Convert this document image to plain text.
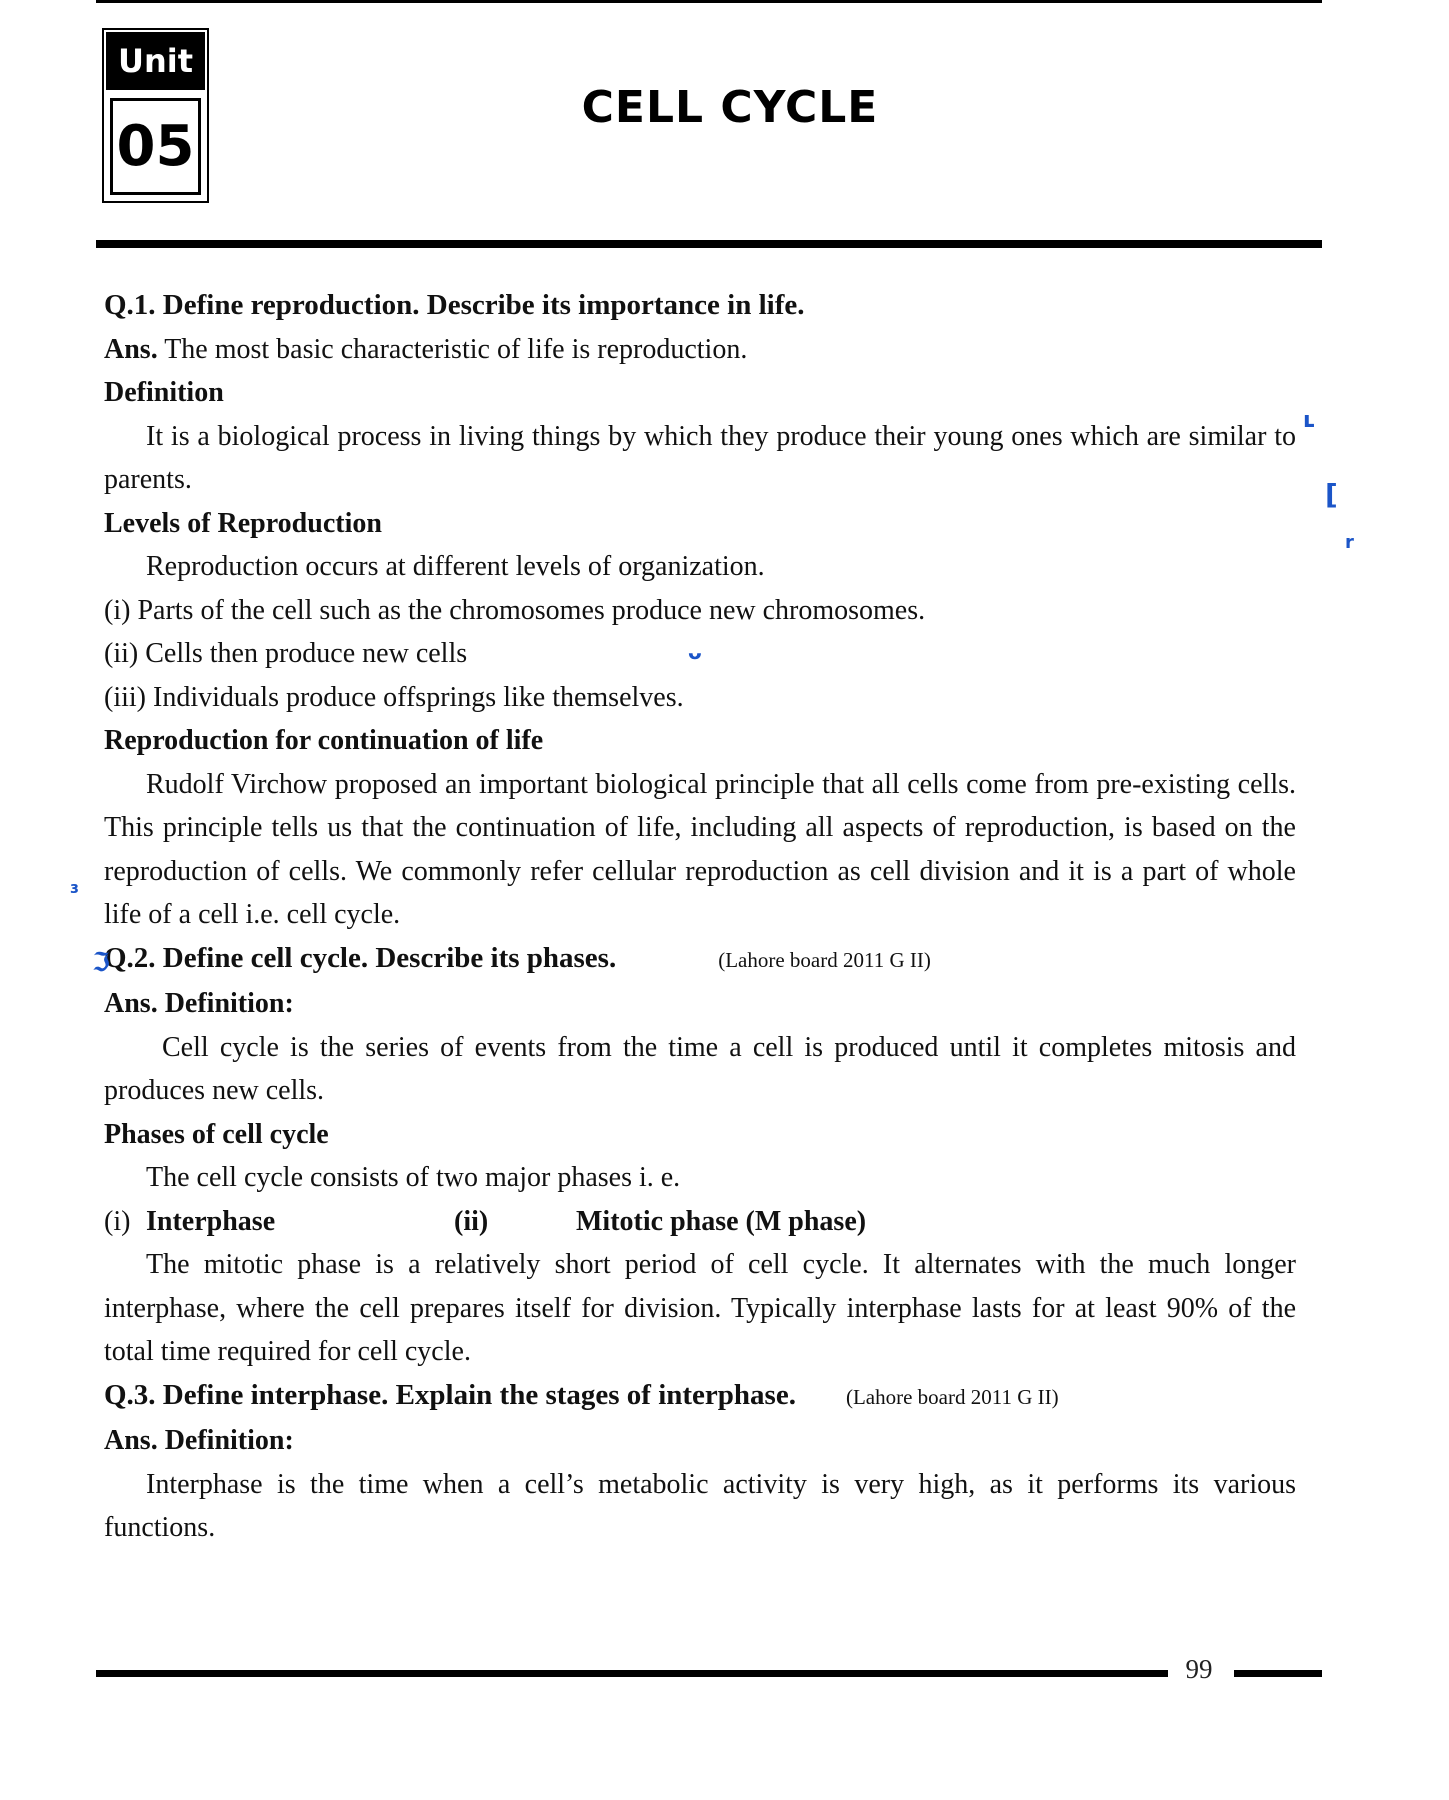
Unit
05
CELL CYCLE

Q.1. Define reproduction. Describe its importance in life.

Ans. The most basic characteristic of life is reproduction.

Definition

It is a biological process in living things by which they produce their young ones which are similar to parents.

Levels of Reproduction

Reproduction occurs at different levels of organization.

(i) Parts of the cell such as the chromosomes produce new chromosomes.

(ii) Cells then produce new cells

(iii) Individuals produce offsprings like themselves.

Reproduction for continuation of life

Rudolf Virchow proposed an important biological principle that all cells come from pre-existing cells. This principle tells us that the continuation of life, including all aspects of reproduction, is based on the reproduction of cells. We commonly refer cellular reproduction as cell division and it is a part of whole life of a cell i.e. cell cycle.

Q.2. Define cell cycle. Describe its phases.	(Lahore board 2011 G II)

Ans. Definition:

Cell cycle is the series of events from the time a cell is produced until it completes mitosis and produces new cells.

Phases of cell cycle

The cell cycle consists of two major phases i. e.

(i) Interphase	(ii)	Mitotic phase (M phase)

The mitotic phase is a relatively short period of cell cycle. It alternates with the much longer interphase, where the cell prepares itself for division. Typically interphase lasts for at least 90% of the total time required for cell cycle.

Q.3. Define interphase. Explain the stages of interphase. (Lahore board 2011 G II)

Ans. Definition:

Interphase is the time when a cell’s metabolic activity is very high, as it performs its various functions.

ʟ
[
r
ᴗ
ɜ
ℑ
99
